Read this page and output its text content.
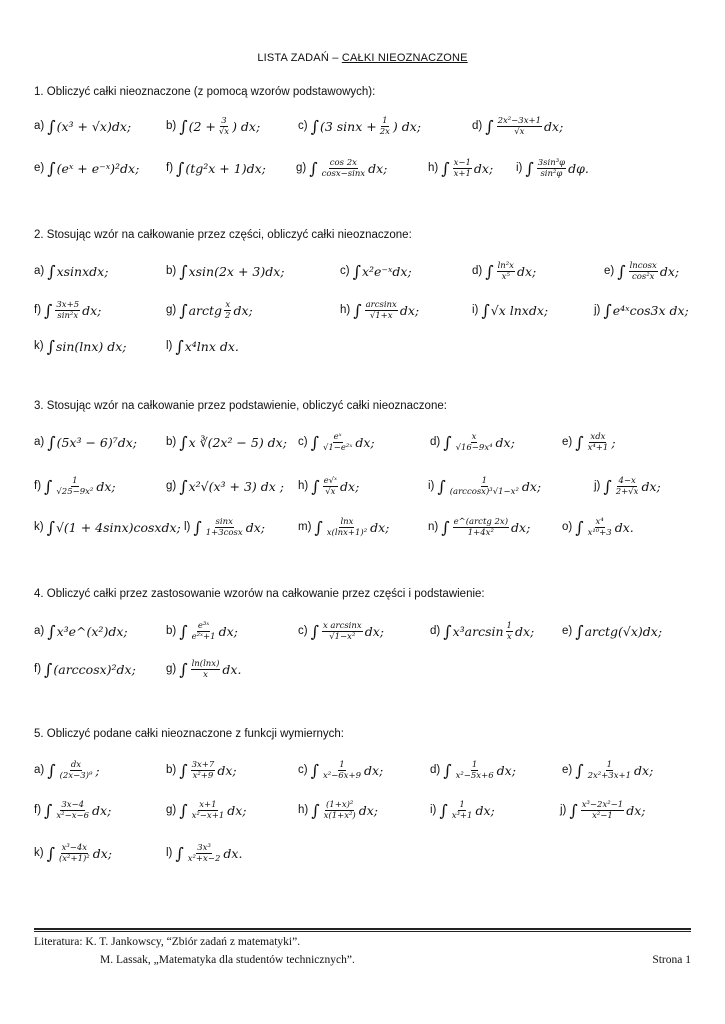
LISTA ZADAŃ – CAŁKI NIEOZNACZONE
1. Obliczyć całki nieoznaczone (z pomocą wzorów podstawowych):
a) ∫ (x³ + √x)dx;	b) ∫ ($2 + \frac{3}{√x}$ ) dx;	c) ∫ (3 $\sin x + \frac{1}{2x}$ ) dx;	d) ∫ $\frac{\text{2x²−3x+1}}{√x}$ dx;
e) ∫ (eˣ + e⁻ˣ)²dx; f) ∫ (tg²x + 1)dx;	g) ∫ $\frac{\cos 2x}{\cos x-\sin x}$ dx;	h) ∫ $\frac{x-1}{x+1}$ dx; i) ∫ $\frac{\text{3sin³φ}}{\text{sin²φ}} d\varphi$.
2. Stosując wzór na całkowanie przez części, obliczyć całki nieoznaczone:
a) ∫ xsinxdx;	b) ∫ xsin(2x + 3)dx;	c) ∫ x²e⁻ˣdx;	d) ∫ $\frac{\text{ln²x}}{\text{x⁵}}$ dx;	e) ∫ $\frac{lncosx}{\text{cos²x}}$ dx;
f) ∫ $\frac{3x+5}{\text{sin²x}}$ dx;	g) ∫ arctg $\frac{x}{2}$ dx;	h) ∫ $\frac{\arcsin x}{√1+x}$ dx;	i) ∫ √x lnxdx;	j) ∫ e⁴ˣcos3x dx;
k) ∫ sin(lnx) dx;	l) ∫ x⁴lnx dx.
3. Stosując wzór na całkowanie przez podstawienie, obliczyć całki nieoznaczone:
a) ∫ (5x³ − 6)⁷dx;	b) ∫ x ∛(2x² − 5) dx; c) ∫ $\frac{\text{eˣ}}{\text{√1−e²ˣ}}$ dx;	d) ∫ $\frac{x}{\text{√16−9x⁴}}$ dx;	e) ∫ $\frac{\text{xdx}}{\text{x⁴+1}}$ ;
f) ∫ $\frac{1}{\text{√25−9x²}}$ dx;	g) ∫ x²√(x³ + 3) dx ; h) ∫ $\frac{\text{e√ˣ}}{√x}$ dx;	i) ∫ $\frac{1}{\text{(arccosx)³√1−x²}}$ dx;	j) ∫ $\frac{4-x}{2+√x}$ dx;
k) ∫ √(1 + 4sinx)cosxdx; l) ∫ $\frac{\sin x}{1+3\cos x}$ dx;	m) ∫ $\frac{\ln x}{\text{x(lnx+1)²}}$ dx;	n) ∫ $\frac{\text{e\textasciicircum{}(arctg 2x)}}{\text{1+4x²}}$ dx;	o) ∫ $\frac{\text{x⁴}}{\text{x¹⁰+3}}$ dx.
4. Obliczyć całki przez zastosowanie wzorów na całkowanie przez części i podstawienie:
a) ∫ x³e^(x²)dx;	b) ∫ $\frac{\text{e³ˣ}}{\text{e²ˣ+1}}$ dx;	c) ∫ $\frac{\text{x arcsinx}}{\text{√1−x²}}$ dx;	d) ∫ $x^3\arcsin \frac{1}{x}$ dx; e) ∫ arctg(√x)dx;
f) ∫ (arccosx)²dx;	g) ∫ $\frac{\ln(\ln x)}{x}$ dx.
5. Obliczyć podane całki nieoznaczone z funkcji wymiernych:
a) ∫ $\frac{dx}{\text{(2x−3)⁹}}$ ;	b) ∫ $\frac{3x+7}{\text{x²+9}}$ dx;	c) ∫ $\frac{1}{\text{x²−6x+9}}$ dx;	d) ∫ $\frac{1}{\text{x²−5x+6}}$ dx;	e) ∫ $\frac{1}{\text{2x²+3x+1}}$ dx;
f) ∫ $\frac{3x-4}{\text{x²−x−6}}$ dx;	g) ∫ $\frac{x+1}{\text{x²−x+1}}$ dx;	h) ∫ $\frac{\text{(1+x)²}}{\text{x(1+x²)}}$ dx;	i) ∫ $\frac{1}{\text{x³+1}}$ dx;	j) ∫ $\frac{\text{x³−2x²−1}}{\text{x²−1}}$ dx;
k) ∫ $\frac{\text{x³−4x}}{\text{(x²+1)²}}$ dx;	l) ∫ $\frac{\text{3x³}}{\text{x²+x−2}}$ dx.
Literatura: K. T. Jankowscy, “Zbiór zadań z matematyki”.
M. Lassak, „Matematyka dla studentów technicznych”.	Strona 1
